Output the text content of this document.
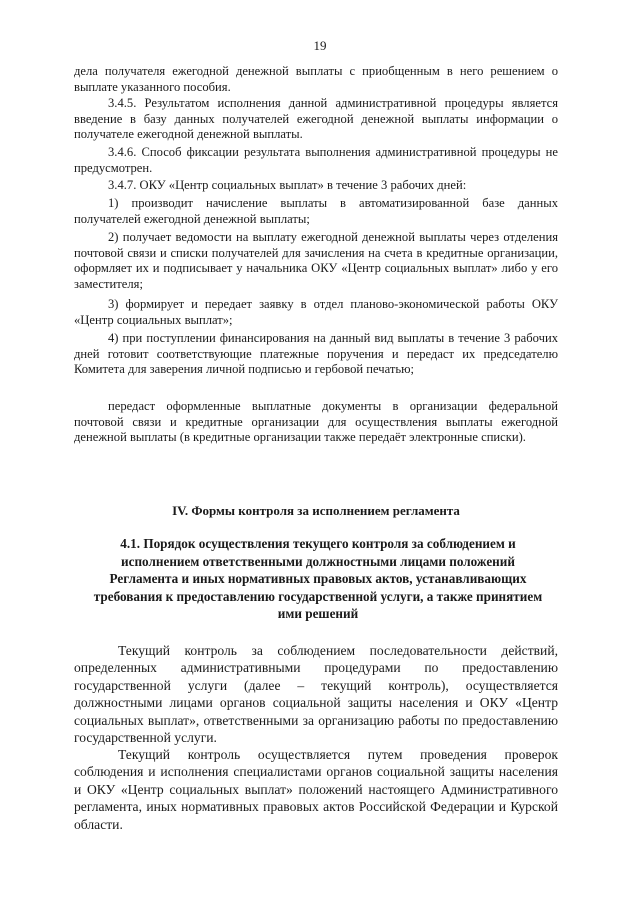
19
дела получателя ежегодной денежной выплаты с приобщенным в него решением о выплате указанного пособия.
3.4.5. Результатом исполнения данной административной процедуры является введение в базу данных получателей ежегодной денежной выплаты информации о получателе ежегодной денежной выплаты.
3.4.6. Способ фиксации результата выполнения административной процедуры не предусмотрен.
3.4.7. ОКУ «Центр социальных выплат» в течение 3 рабочих дней:
1) производит начисление выплаты в автоматизированной базе данных получателей ежегодной денежной выплаты;
2) получает ведомости на выплату ежегодной денежной выплаты через отделения почтовой связи и списки получателей для зачисления на счета в кредитные организации, оформляет их и подписывает у начальника ОКУ «Центр социальных выплат» либо у его заместителя;
3) формирует и передает заявку в отдел планово-экономической работы ОКУ «Центр социальных выплат»;
4) при поступлении финансирования на данный вид выплаты в течение 3 рабочих дней готовит соответствующие платежные поручения и передаст их председателю Комитета для заверения личной подписью и гербовой печатью;
передаст оформленные выплатные документы в организации федеральной почтовой связи и кредитные организации для осуществления выплаты ежегодной денежной выплаты (в кредитные организации также передаёт электронные списки).
IV. Формы контроля за исполнением регламента
4.1. Порядок осуществления текущего контроля за соблюдением и исполнением ответственными должностными лицами положений Регламента и иных нормативных правовых актов, устанавливающих требования к предоставлению государственной услуги, а также принятием ими решений
Текущий контроль за соблюдением последовательности действий, определенных административными процедурами по предоставлению государственной услуги (далее – текущий контроль), осуществляется должностными лицами органов социальной защиты населения и ОКУ «Центр социальных выплат», ответственными за организацию работы по предоставлению государственной услуги.
Текущий контроль осуществляется путем проведения проверок соблюдения и исполнения специалистами органов социальной защиты населения и ОКУ «Центр социальных выплат» положений настоящего Административного регламента, иных нормативных правовых актов Российской Федерации и Курской области.
